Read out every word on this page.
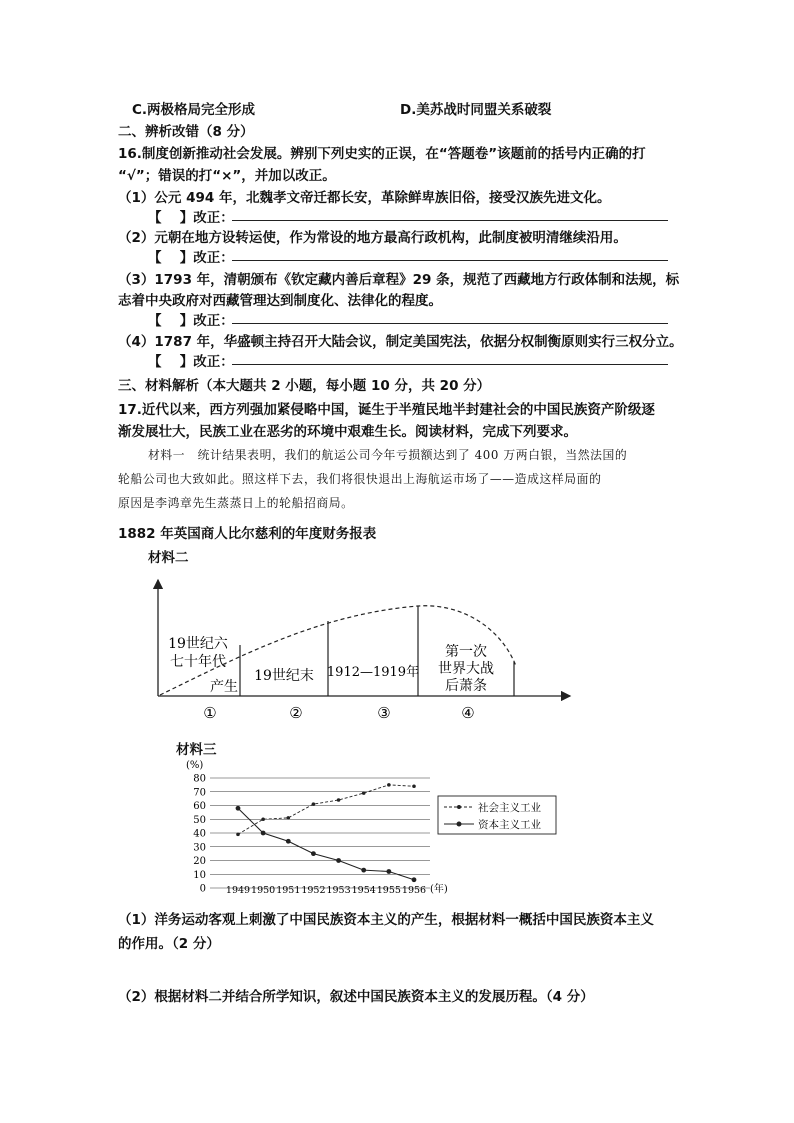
C.两极格局完全形成	D.美苏战时同盟关系破裂
二、辨析改错（8 分）
16.制度创新推动社会发展。辨别下列史实的正误，在“答题卷”该题前的括号内正确的打
“√”；错误的打“×”，并加以改正。
（1）公元 494 年，北魏孝文帝迁都长安，革除鲜卑族旧俗，接受汉族先进文化。
【 　】改正：
（2）元朝在地方设转运使，作为常设的地方最高行政机构，此制度被明清继续沿用。
【 　】改正：
（3）1793 年，清朝颁布《钦定藏内善后章程》29 条，规范了西藏地方行政体制和法规，标
志着中央政府对西藏管理达到制度化、法律化的程度。
【 　】改正：
（4）1787 年，华盛顿主持召开大陆会议，制定美国宪法，依据分权制衡原则实行三权分立。
【 　】改正：
三、材料解析（本大题共 2 小题，每小题 10 分，共 20 分）
17.近代以来，西方列强加紧侵略中国，诞生于半殖民地半封建社会的中国民族资产阶级逐
渐发展壮大，民族工业在恶劣的环境中艰难生长。阅读材料，完成下列要求。
材料一　统计结果表明，我们的航运公司今年亏损额达到了 400 万两白银，当然法国的
轮船公司也大致如此。照这样下去，我们将很快退出上海航运市场了——造成这样局面的
原因是李鸿章先生蒸蒸日上的轮船招商局。
1882 年英国商人比尔慈利的年度财务报表
材料二
19世纪六
七十年代
产生
19世纪末 1912—1919年
第一次
世界大战
后萧条
①	②	③	④
材料三
0
10
20
30
40
50
60
70
80
1949 1950 1951 1952 1953 1954 1955 1956
(%)
(年)
社会主义工业
资本主义工业
（1）洋务运动客观上刺激了中国民族资本主义的产生，根据材料一概括中国民族资本主义
的作用。（2 分）
（2）根据材料二并结合所学知识，叙述中国民族资本主义的发展历程。（4 分）
